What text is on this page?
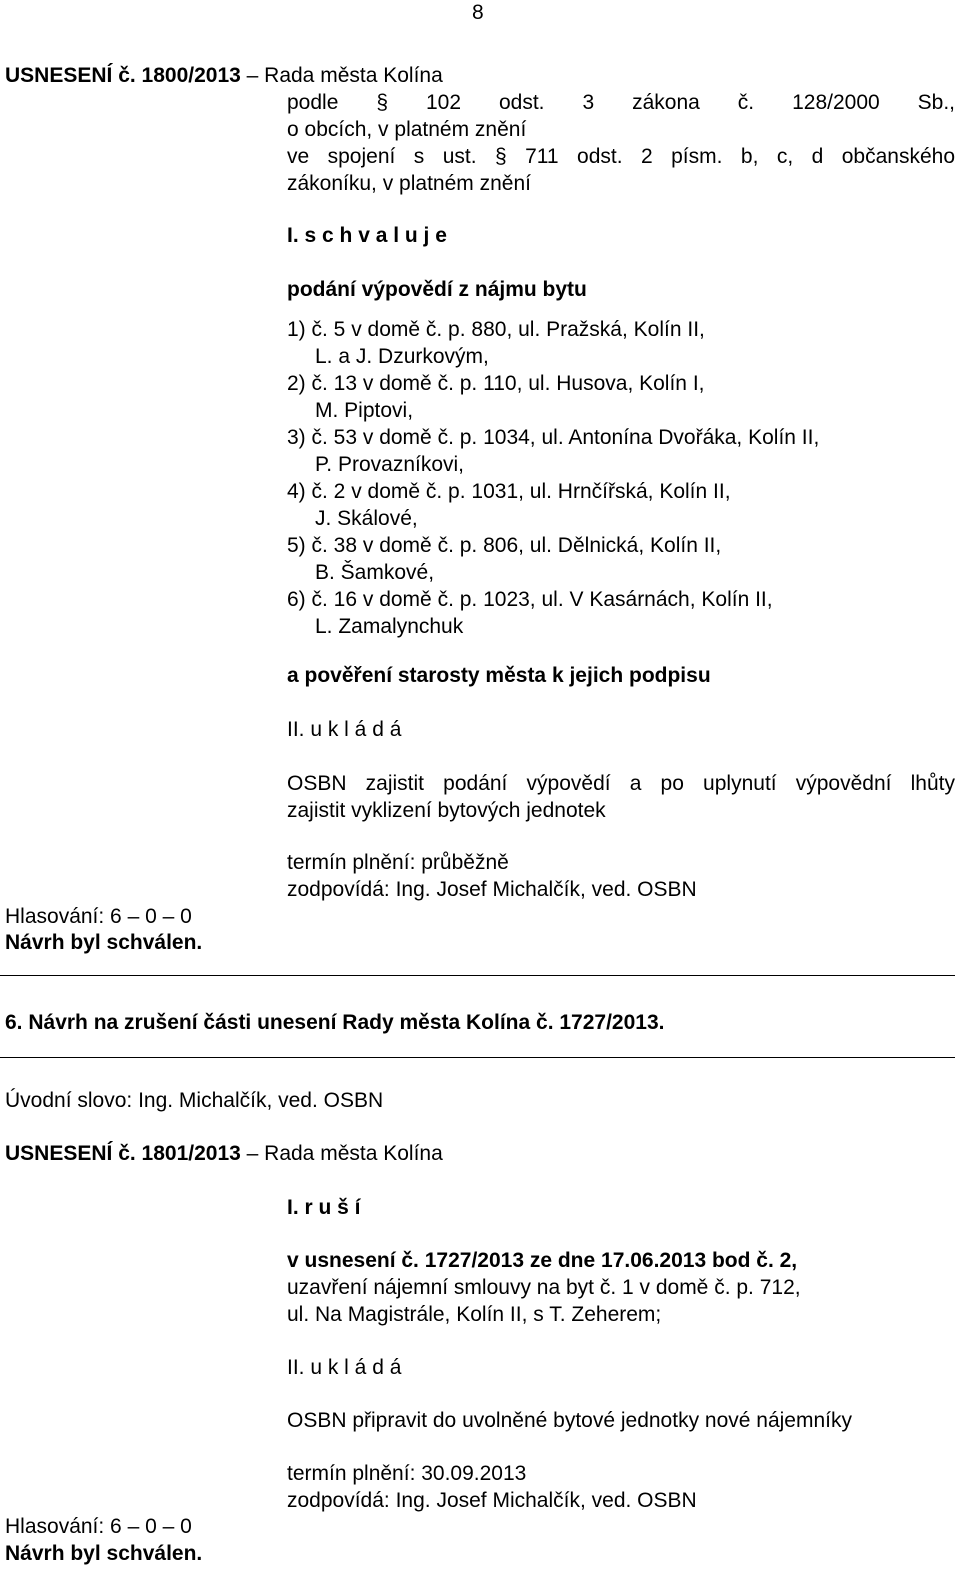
8
USNESENÍ č. 1800/2013 – Rada města Kolína
podle § 102 odst. 3 zákona č. 128/2000 Sb.,
o obcích, v platném znění
ve spojení s ust. § 711 odst. 2 písm. b, c, d občanského
zákoníku, v platném znění
I. s c h v a l u j e
podání výpovědí z nájmu bytu
1) č. 5 v domě č. p. 880, ul. Pražská, Kolín II,
L. a J. Dzurkovým,
2) č. 13 v domě č. p. 110, ul. Husova, Kolín I,
M. Piptovi,
3) č. 53 v domě č. p. 1034, ul. Antonína Dvořáka, Kolín II,
P. Provazníkovi,
4) č. 2 v domě č. p. 1031, ul. Hrnčířská, Kolín II,
J. Skálové,
5) č. 38 v domě č. p. 806, ul. Dělnická, Kolín II,
B. Šamkové,
6) č. 16 v domě č. p. 1023, ul. V Kasárnách, Kolín II,
L. Zamalynchuk
a pověření starosty města k jejich podpisu
II. u k l á d á
OSBN zajistit podání výpovědí a po uplynutí výpovědní lhůty
zajistit vyklizení bytových jednotek
termín plnění: průběžně
zodpovídá: Ing. Josef Michalčík, ved. OSBN
Hlasování: 6 – 0 – 0
Návrh byl schválen.
6. Návrh na zrušení části unesení Rady města Kolína č. 1727/2013.
Úvodní slovo: Ing. Michalčík, ved. OSBN
USNESENÍ č. 1801/2013 – Rada města Kolína
I. r u š í
v usnesení č. 1727/2013 ze dne 17.06.2013 bod č. 2,
uzavření nájemní smlouvy na byt č. 1 v domě č. p. 712,
ul. Na Magistrále, Kolín II, s T. Zeherem;
II. u k l á d á
OSBN připravit do uvolněné bytové jednotky nové nájemníky
termín plnění: 30.09.2013
zodpovídá: Ing. Josef Michalčík, ved. OSBN
Hlasování: 6 – 0 – 0
Návrh byl schválen.
